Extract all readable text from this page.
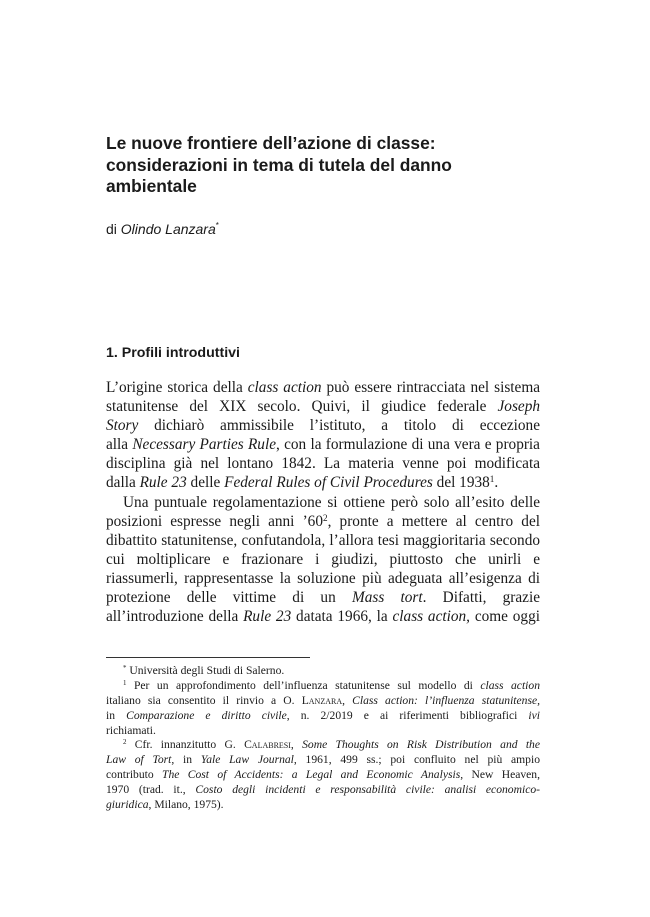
Le nuove frontiere dell’azione di classe:
considerazioni in tema di tutela del danno
ambientale
di Olindo Lanzara*
1. Profili introduttivi
L’origine storica della class action può essere rintracciata nel sistema
statunitense del XIX secolo. Quivi, il giudice federale Joseph
Story dichiarò ammissibile l’istituto, a titolo di eccezione
alla Necessary Parties Rule, con la formulazione di una vera e propria
disciplina già nel lontano 1842. La materia venne poi modificata
dalla Rule 23 delle Federal Rules of Civil Procedures del 1938$^1$.
Una puntuale regolamentazione si ottiene però solo all’esito delle
posizioni espresse negli anni $’60^2$, pronte a mettere al centro del
dibattito statunitense, confutandola, l’allora tesi maggioritaria secondo
cui moltiplicare e frazionare i giudizi, piuttosto che unirli e
riassumerli, rappresentasse la soluzione più adeguata all’esigenza di
protezione delle vittime di un Mass tort. Difatti, grazie
all’introduzione della Rule 23 datata 1966, la class action, come oggi
* Università degli Studi di Salerno.
$^1$ Per un approfondimento dell’influenza statunitense sul modello di class action
italiano sia consentito il rinvio a O. Lanzara, Class action: l’influenza statunitense,
in Comparazione e diritto civile, n. 2/2019 e ai riferimenti bibliografici ivi
richiamati.
$^2$ Cfr. innanzitutto G. Calabresi, Some Thoughts on Risk Distribution and the
Law of Tort, in Yale Law Journal, 1961, 499 ss.; poi confluito nel più ampio
contributo The Cost of Accidents: a Legal and Economic Analysis, New Heaven,
1970 (trad. it., Costo degli incidenti e responsabilità civile: analisi economico-
giuridica, Milano, 1975).
